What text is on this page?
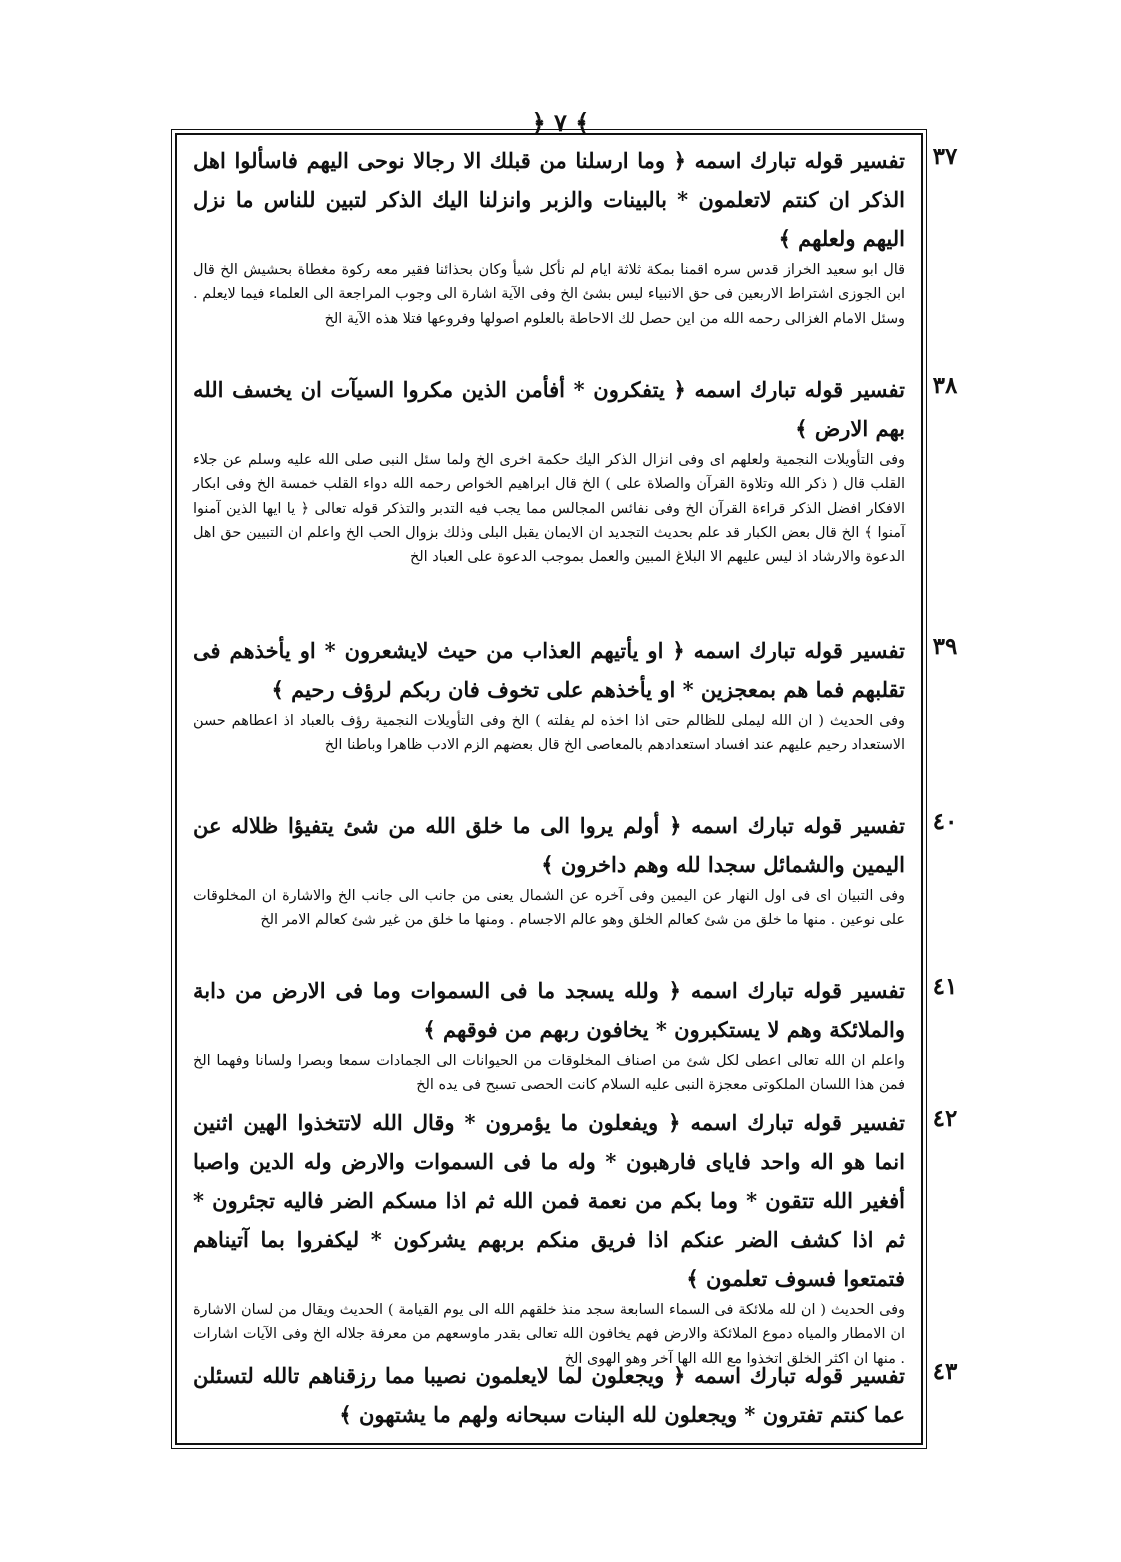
﴿ ٧ ﴾
٣٧

تفسير قوله تبارك اسمه ﴿ وما ارسلنا من قبلك الا رجالا نوحى اليهم فاسألوا اهل الذكر ان كنتم لاتعلمون * بالبينات والزبر وانزلنا اليك الذكر لتبين للناس ما نزل اليهم ولعلهم ﴾

قال ابو سعيد الخراز قدس سره اقمنا بمكة ثلاثة ايام لم نأكل شيأ وكان بحذائنا فقير معه ركوة مغطاة بحشيش الخ قال ابن الجوزى اشتراط الاربعين فى حق الانبياء ليس بشئ الخ وفى الآية اشارة الى وجوب المراجعة الى العلماء فيما لايعلم . وسئل الامام الغزالى رحمه الله من اين حصل لك الاحاطة بالعلوم اصولها وفروعها فتلا هذه الآية الخ

٣٨

تفسير قوله تبارك اسمه ﴿ يتفكرون * أفأمن الذين مكروا السيآت ان يخسف الله بهم الارض ﴾

وفى التأويلات النجمية ولعلهم اى وفى انزال الذكر اليك حكمة اخرى الخ ولما سئل النبى صلى الله عليه وسلم عن جلاء القلب قال ( ذكر الله وتلاوة القرآن والصلاة على ) الخ قال ابراهيم الخواص رحمه الله دواء القلب خمسة الخ وفى ابكار الافكار افضل الذكر قراءة القرآن الخ وفى نفائس المجالس مما يجب فيه التدبر والتذكر قوله تعالى ﴿ يا ايها الذين آمنوا آمنوا ﴾ الخ قال بعض الكبار قد علم بحديث التجديد ان الايمان يقبل البلى وذلك بزوال الحب الخ واعلم ان التبيين حق اهل الدعوة والارشاد اذ ليس عليهم الا البلاغ المبين والعمل بموجب الدعوة على العباد الخ

٣٩

تفسير قوله تبارك اسمه ﴿ او يأتيهم العذاب من حيث لايشعرون * او يأخذهم فى تقلبهم فما هم بمعجزين * او يأخذهم على تخوف فان ربكم لرؤف رحيم ﴾

وفى الحديث ( ان الله ليملى للظالم حتى اذا اخذه لم يفلته ) الخ وفى التأويلات النجمية رؤف بالعباد اذ اعطاهم حسن الاستعداد رحيم عليهم عند افساد استعدادهم بالمعاصى الخ قال بعضهم الزم الادب ظاهرا وباطنا الخ

٤٠

تفسير قوله تبارك اسمه ﴿ أولم يروا الى ما خلق الله من شئ يتفيؤا ظلاله عن اليمين والشمائل سجدا لله وهم داخرون ﴾

وفى التبيان اى فى اول النهار عن اليمين وفى آخره عن الشمال يعنى من جانب الى جانب الخ والاشارة ان المخلوقات على نوعين . منها ما خلق من شئ كعالم الخلق وهو عالم الاجسام . ومنها ما خلق من غير شئ كعالم الامر الخ

٤١

تفسير قوله تبارك اسمه ﴿ ولله يسجد ما فى السموات وما فى الارض من دابة والملائكة وهم لا يستكبرون * يخافون ربهم من فوقهم ﴾

واعلم ان الله تعالى اعطى لكل شئ من اصناف المخلوقات من الحيوانات الى الجمادات سمعا وبصرا ولسانا وفهما الخ فمن هذا اللسان الملكوتى معجزة النبى عليه السلام كانت الحصى تسبح فى يده الخ

٤٢

تفسير قوله تبارك اسمه ﴿ ويفعلون ما يؤمرون * وقال الله لاتتخذوا الهين اثنين انما هو اله واحد فاياى فارهبون * وله ما فى السموات والارض وله الدين واصبا أفغير الله تتقون * وما بكم من نعمة فمن الله ثم اذا مسكم الضر فاليه تجئرون * ثم اذا كشف الضر عنكم اذا فريق منكم بربهم يشركون * ليكفروا بما آتيناهم فتمتعوا فسوف تعلمون ﴾

وفى الحديث ( ان لله ملائكة فى السماء السابعة سجد منذ خلقهم الله الى يوم القيامة ) الحديث ويقال من لسان الاشارة ان الامطار والمياه دموع الملائكة والارض فهم يخافون الله تعالى بقدر ماوسعهم من معرفة جلاله الخ وفى الآيات اشارات . منها ان اكثر الخلق اتخذوا مع الله الها آخر وهو الهوى الخ	٤٣

تفسير قوله تبارك اسمه ﴿ ويجعلون لما لايعلمون نصيبا مما رزقناهم تالله لتسئلن عما كنتم تفترون * ويجعلون لله البنات سبحانه ولهم ما يشتهون ﴾
